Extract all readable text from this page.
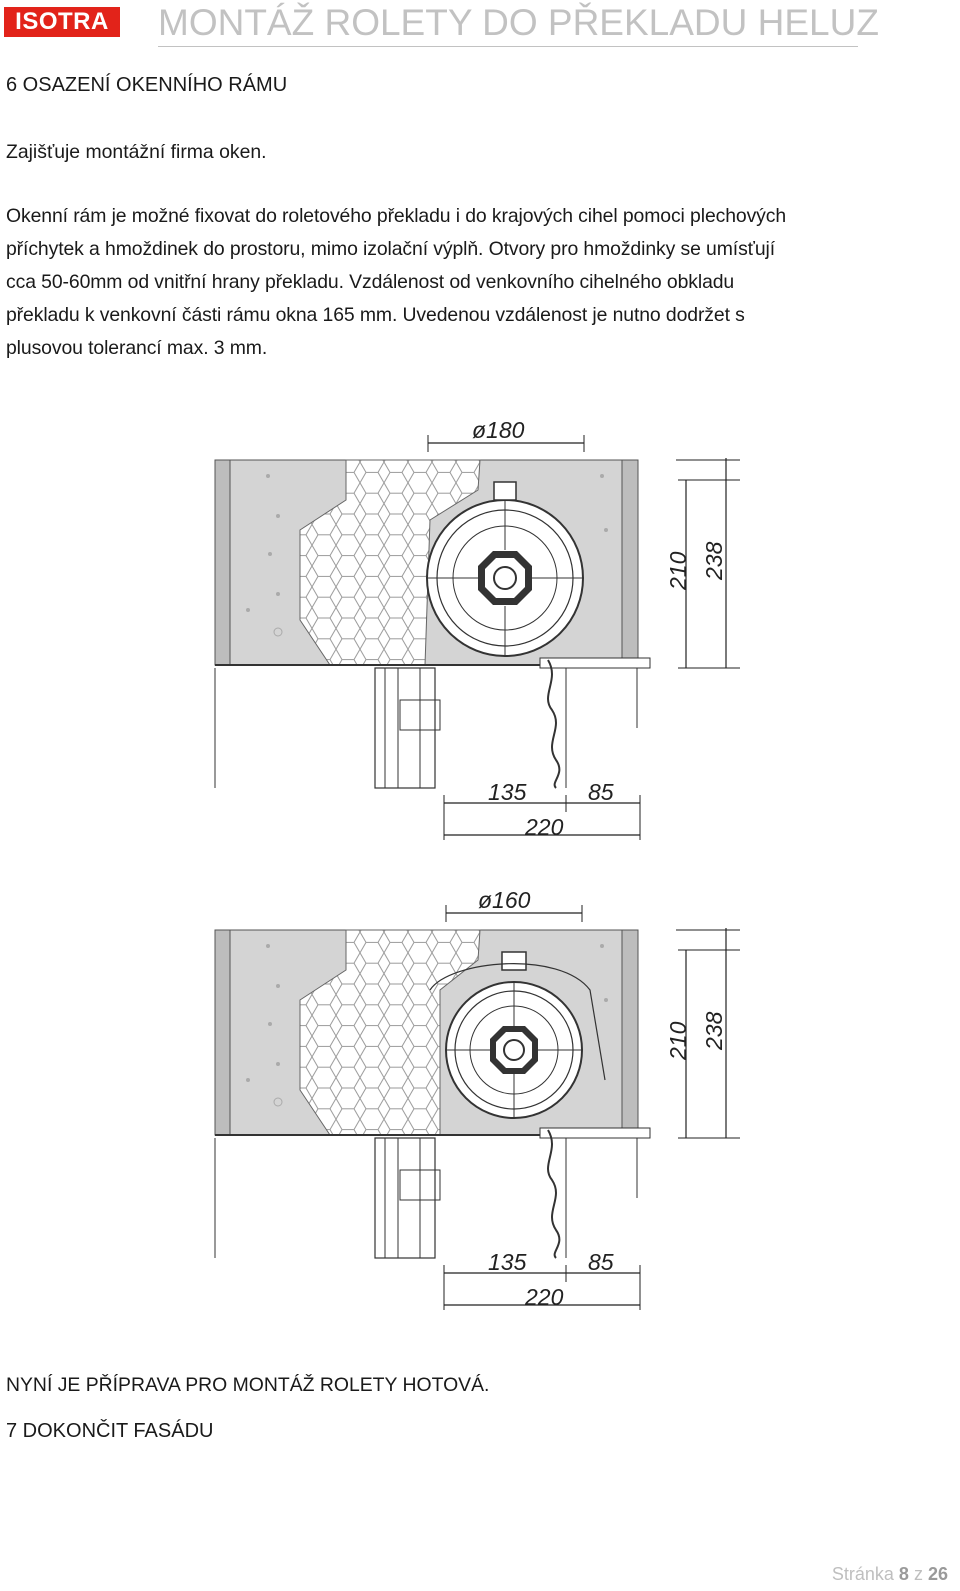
ISOTRA MONTÁŽ ROLETY DO PŘEKLADU HELUZ
6 OSAZENÍ OKENNÍHO RÁMU
Zajišťuje montážní firma oken.
Okenní rám je možné fixovat do roletového překladu i do krajových cihel pomoci plechových
příchytek a hmoždinek do prostoru, mimo izolační výplň. Otvory pro hmoždinky se umísťují
cca 50-60mm od vnitřní hrany překladu. Vzdálenost od venkovního cihelného obkladu
překladu k venkovní části rámu okna 165 mm. Uvedenou vzdálenost je nutno dodržet s
plusovou tolerancí max. 3 mm.
ø180
210 238
135	85
220
ø160
210 238
135	85
220
NYNÍ JE PŘÍPRAVA PRO MONTÁŽ ROLETY HOTOVÁ.
7 DOKONČIT FASÁDU
Stránka 8 z 26
